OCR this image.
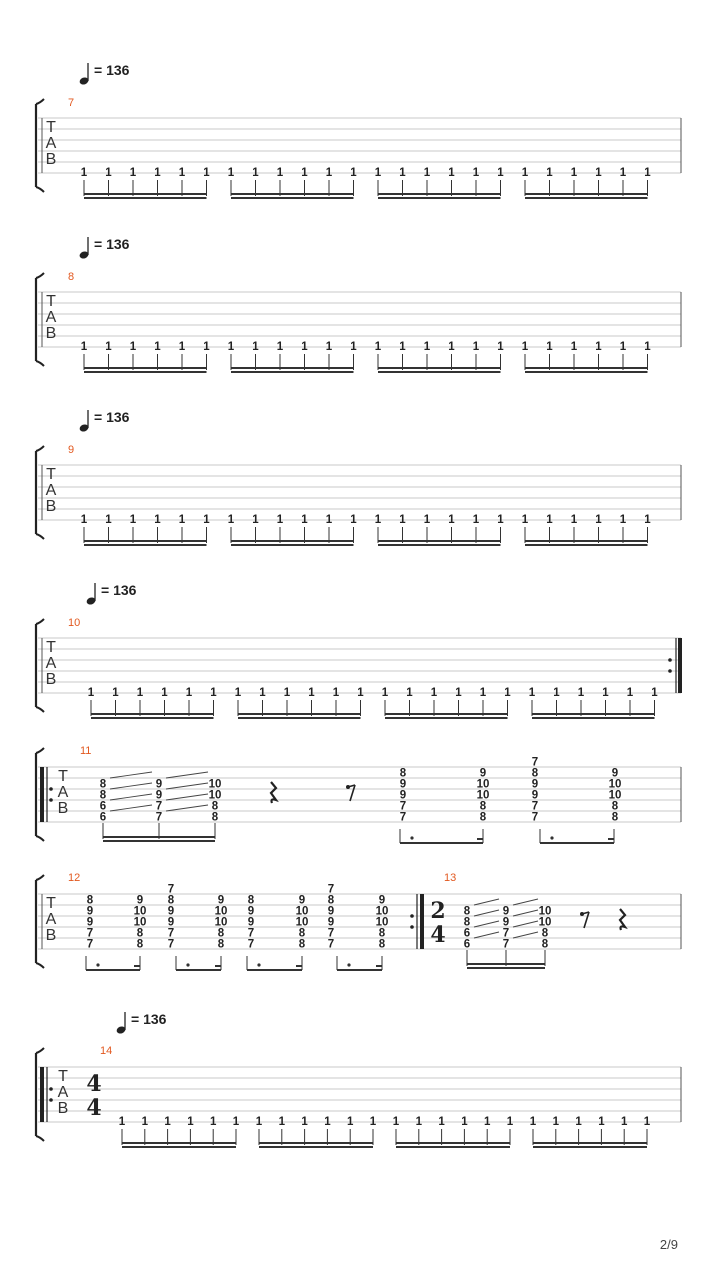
= 136
7
T
A
B
1 1 1 1 1 1 1 1 1 1 1 1 1 1 1 1 1 1 1 1 1 1 1 1
= 136
8
T
A
B
1 1 1 1 1 1 1 1 1 1 1 1 1 1 1 1 1 1 1 1 1 1 1 1
= 136
9
T
A
B
1 1 1 1 1 1 1 1 1 1 1 1 1 1 1 1 1 1 1 1 1 1 1 1
= 136
10
T
A
B
1 1 1 1 1 1 1 1 1 1 1 1 1 1 1 1 1 1 1 1 1 1 1 1
11
T
A
B
8
8
6
6
9
9
7
7
10
10
8
8
8
9
9
7
7
9
10
10
8
8
7
8
9
9
7
7
9
10
10
8
8
12	13
T
A
B
8
9
9
7
7
9
10
10
8
8
7
8
9
9
7
7
9
10
10
8
8
8
9
9
7
7
9
10
10
8
8
7
8
9
9
7
7
9
10
10
8
8
2
4
8
8
6
6
9
9
7
7
10
10
8
8
= 136
14
T
A
B
4
4
1 1 1 1 1 1 1 1 1 1 1 1 1 1 1 1 1 1 1 1 1 1 1 1
2/9
